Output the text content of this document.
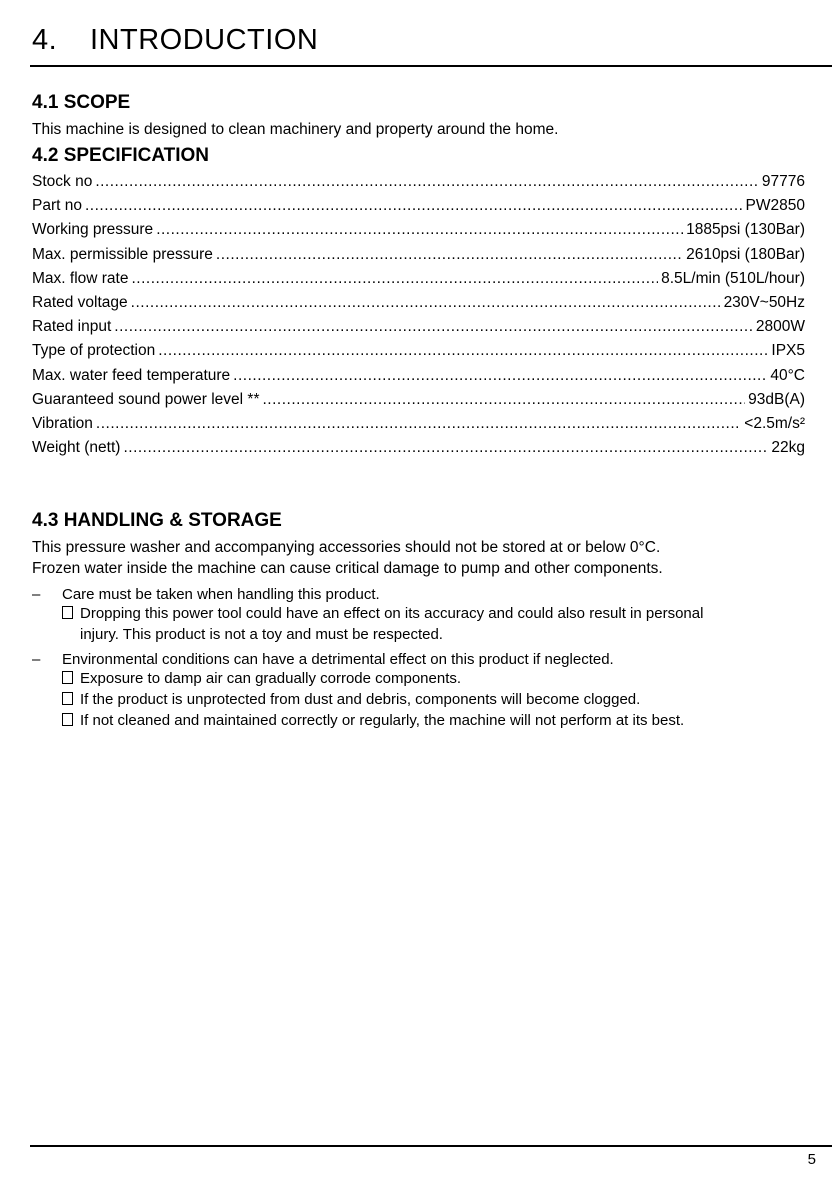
4. INTRODUCTION
4.1 SCOPE

This machine is designed to clean machinery and property around the home.

4.2 SPECIFICATION
Stock no .....	97776
Part no .....	PW2850
Working pressure .....	1885psi (130Bar)
Max. permissible pressure .....	2610psi (180Bar)
Max. flow rate .....	8.5L/min (510L/hour)
Rated voltage .....	230V~50Hz
Rated input .....	2800W
Type of protection .....	IPX5
Max. water feed temperature .....	40°C
Guaranteed sound power level ** .....	93dB(A)
Vibration .....	<2.5m/s²
Weight (nett) .....	22kg
4.3 HANDLING & STORAGE

This pressure washer and accompanying accessories should not be stored at or below 0°C.

Frozen water inside the machine can cause critical damage to pump and other components.

– Care must be taken when handling this product.

Dropping this power tool could have an effect on its accuracy and could also result in personal
injury. This product is not a toy and must be respected.

– Environmental conditions can have a detrimental effect on this product if neglected.

Exposure to damp air can gradually corrode components.

If the product is unprotected from dust and debris, components will become clogged.

If not cleaned and maintained correctly or regularly, the machine will not perform at its best.

5
